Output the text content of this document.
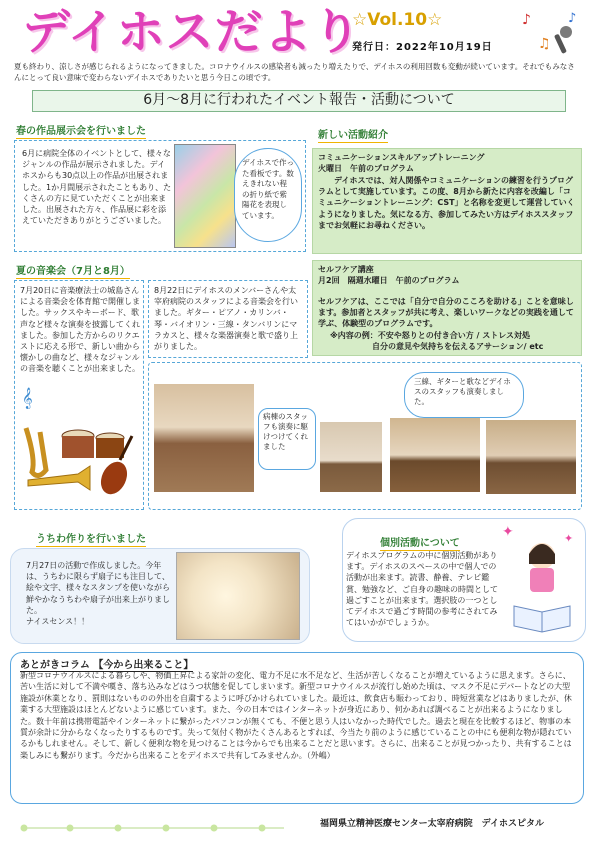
デイホスだより
☆Vol.10☆
発行日：2022年10月19日
♪
♫
♪
夏も終わり、涼しさが感じられるようになってきました。コロナウイルスの感染者も減ったり増えたりで、デイホスの利用回数も変動が続いています。それでもみなさんにとって良い意味で変わらないデイホスでありたいと思う今日この頃です。
6月～8月に行われたイベント報告・活動について
春の作品展示会を行いました
6月に病院全体のイベントとして、様々なジャンルの作品が展示されました。デイホスからも30点以上の作品が出展されました。1か月間展示されたこともあり、たくさんの方に見ていただくことが出来ました。出展された方々、作品展に彩を添えていただきありがとうございました。
デイホスで作った看板です。数えきれない程の折り紙で紫陽花を表現しています。
新しい活動紹介
コミュニケーションスキルアップトレーニング
火曜日　午前のプログラム
デイホスでは、対人関係やコミュニケーションの練習を行うプログラムとして実施しています。この度、8月から新たに内容を改編し「コミュニケーショントレーニング：CST」と名称を変更して運営していくようになりました。気になる方、参加してみたい方はデイホススタッフまでお気軽にお尋ねください。
セルフケア講座
月2回　隔週水曜日　午前のプログラム
セルフケアは、ここでは「自分で自分のこころを助ける」ことを意味します。参加者とスタッフが共に考え、楽しいワークなどの実践を通して学ぶ、体験型のプログラムです。
※内容の例：不安や怒りとの付き合い方 / ストレス対処
自分の意見や気持ちを伝えるアサーション/ etc
夏の音楽会（7月と8月）
7月20日に音楽療法士の城島さんによる音楽会を体育館で開催しました。サックスやキーボード、歌声など様々な演奏を披露してくれました。参加した方からのリクエストに応える形で、新しい曲から懐かしの曲など、様々なジャンルの音楽を聴くことが出来ました。
8月22日にデイホスのメンバーさんや太宰府病院のスタッフによる音楽会を行いました。ギター・ピアノ・カリンバ・琴・バイオリン・三線・タンバリンにマラカスと、様々な楽器演奏と歌で盛り上がりました。
𝄞
病棟のスタッフも演奏に駆けつけてくれました
三線、ギターと歌などデイホスのスタッフも演奏しました。
うちわ作りを行いました
7月27日の活動で作成しました。今年は、うちわに限らず扇子にも注目して、絵や文字、様々なスタンプを使いながら鮮やかなうちわや扇子が出来上がりました。
ナイスセンス！！
個別活動について
デイホスプログラムの中に個別活動があります。デイホスのスペースの中で個人での活動が出来ます。読書、静養、テレビ鑑賞、勉強など、ご自身の趣味の時間として過ごすことが出来ます。選択肢の一つとしてデイホスで過ごす時間の参考にされてみてはいかがでしょうか。
✦	✦
あとがきコラム 【今から出来ること】
新型コロナウイルスによる暮らしや、物価上昇による家計の変化、電力不足に水不足など、生活が苦しくなることが増えているように思えます。さらに、苦い生活に対して不満や嘆き、落ち込みなどはうつ状態を促してしまいます。新型コロナウイルスが流行し始めた頃は、マスク不足にデパートなどの大型施設が休業となり、罰則はないものの外出を自粛するように呼びかけられていました。最近は、飲食店も賑わっており、時短営業などはありましたが、休業する大型施設はほとんどないように感じています。また、今の日本ではインターネットが身近にあり、何かあれば調べることが出来るようになりました。数十年前は携帯電話やインターネットに繋がったパソコンが無くても、不便と思う人はいなかった時代でした。過去と現在を比較するほど、物事の本質が余計に分からなくなったりするものです。失って気付く物がたくさんあるとすれば、今当たり前のように感じていることの中にも便利な物が隠れているかもしれません。そして、新しく便利な物を見つけることは今からでも出来ることだと思います。さらに、出来ることが見つかったり、共有することは楽しみにも繋がります。今だから出来ることをデイホスで共有してみませんか。（外嶋）
福岡県立精神医療センター太宰府病院　デイホスピタル
